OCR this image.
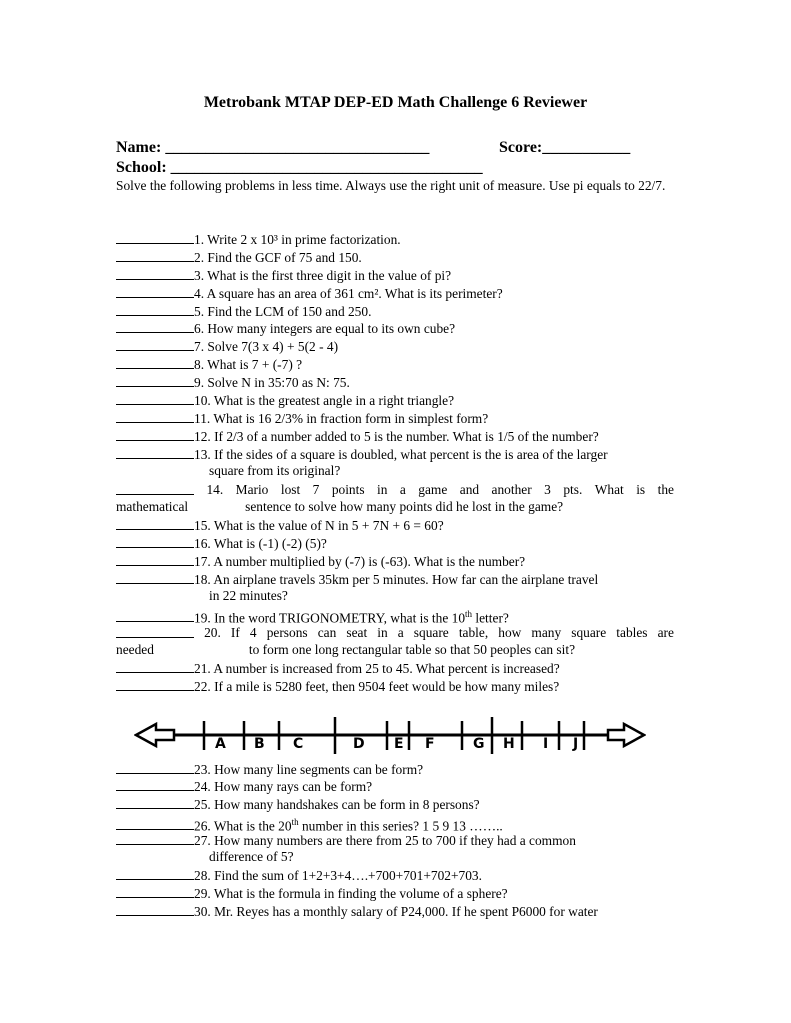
Metrobank MTAP DEP-ED Math Challenge 6 Reviewer
Name: _________________________________	Score:___________
School: _______________________________________
Solve the following problems in less time. Always use the right unit of measure. Use pi equals to 22/7.
1. Write 2 x 10³ in prime factorization.
2. Find the GCF of 75 and 150.
3. What is the first three digit in the value of pi?
4. A square has an area of 361 cm². What is its perimeter?
5. Find the LCM of 150 and 250.
6. How many integers are equal to its own cube?
7. Solve 7(3 x 4) + 5(2 - 4)
8. What is 7 + (-7) ?
9. Solve N in 35:70 as N: 75.
10. What is the greatest angle in a right triangle?
11. What is 16 2/3% in fraction form in simplest form?
12. If 2/3 of a number added to 5 is the number. What is 1/5 of the number?
13. If the sides of a square is doubled, what percent is the is area of the larger
square from its original?
14. Mario lost 7 points in a game and another 3 pts. What is the
mathematical	sentence to solve how many points did he lost in the game?
15. What is the value of N in 5 + 7N + 6 = 60?
16. What is (-1) (-2) (5)?
17. A number multiplied by (-7) is (-63). What is the number?
18. An airplane travels 35km per 5 minutes. How far can the airplane travel
in 22 minutes?
19. In the word TRIGONOMETRY, what is the 10th letter?
20. If 4 persons can seat in a square table, how many square tables are
needed	to form one long rectangular table so that 50 peoples can sit?
21. A number is increased from 25 to 45. What percent is increased?
22. If a mile is 5280 feet, then 9504 feet would be how many miles?
A B C	D E F	G H I J
23. How many line segments can be form?
24. How many rays can be form?
25. How many handshakes can be form in 8 persons?
26. What is the 20th number in this series? 1 5 9 13 ……..
27. How many numbers are there from 25 to 700 if they had a common
difference of 5?
28. Find the sum of 1+2+3+4….+700+701+702+703.
29. What is the formula in finding the volume of a sphere?
30. Mr. Reyes has a monthly salary of P24,000. If he spent P6000 for water
